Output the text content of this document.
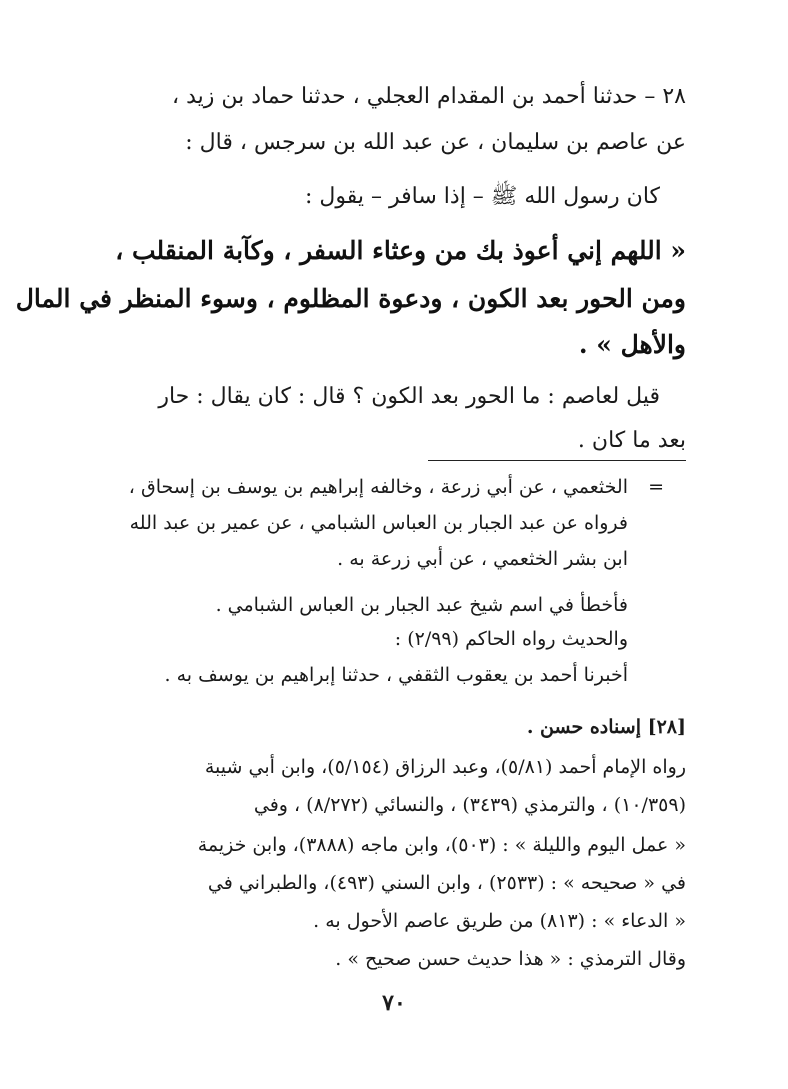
٢٨ – حدثنا أحمد بن المقدام العجلي ، حدثنا حماد بن زيد ،

عن عاصم بن سليمان ، عن عبد الله بن سرجس ، قال :

كان رسول الله ﷺ – إذا سافر – يقول :

« اللهم إني أعوذ بك من وعثاء السفر ، وكآبة المنقلب ،

ومن الحور بعد الكون ، ودعوة المظلوم ، وسوء المنظر في المال

والأهل » .

قيل لعاصم : ما الحور بعد الكون ؟ قال : كان يقال : حار

بعد ما كان .

=

الخثعمي ، عن أبي زرعة ، وخالفه إبراهيم بن يوسف بن إسحاق ،

فرواه عن عبد الجبار بن العباس الشبامي ، عن عمير بن عبد الله

ابن بشر الخثعمي ، عن أبي زرعة به .

فأخطأ في اسم شيخ عبد الجبار بن العباس الشبامي .

والحديث رواه الحاكم (٢/٩٩) :

أخبرنا أحمد بن يعقوب الثقفي ، حدثنا إبراهيم بن يوسف به .

[٢٨] إسناده حسن .

رواه الإمام أحمد (٥/٨١)، وعبد الرزاق (٥/١٥٤)، وابن أبي شيبة

(١٠/٣٥٩) ، والترمذي (٣٤٣٩) ، والنسائي (٨/٢٧٢) ، وفي

« عمل اليوم والليلة » : (٥٠٣)، وابن ماجه (٣٨٨٨)، وابن خزيمة

في « صحيحه » : (٢٥٣٣) ، وابن السني (٤٩٣)، والطبراني في

« الدعاء » : (٨١٣) من طريق عاصم الأحول به .

وقال الترمذي : « هذا حديث حسن صحيح » .

٧٠
